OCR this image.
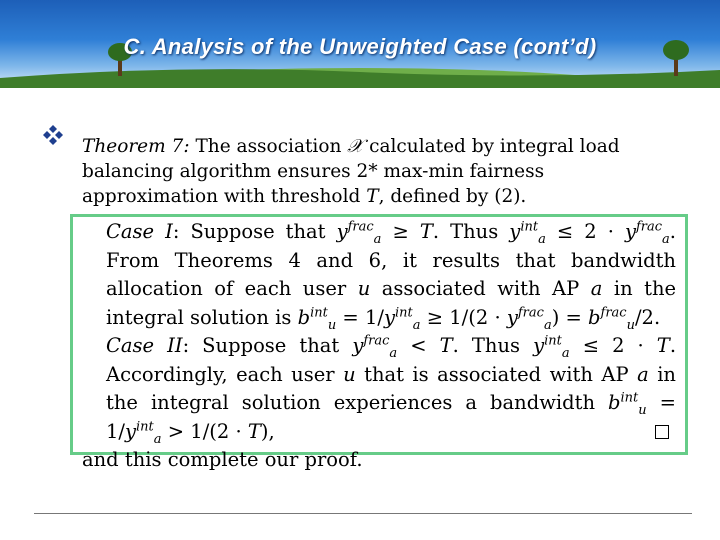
C. Analysis of the Unweighted Case (cont’d)
Theorem 7: The association 𝒳 calculated by integral load balancing algorithm ensures 2* max-min fairness approximation with threshold T, defined by (2).

Case I: Suppose that $y^{frac}_a \ge T$. Thus $y^{int}_a \le 2 \cdot y^{frac}_a$. From Theorems 4 and 6, it results that bandwidth allocation of each user u associated with AP a in the integral solution is $b^{int}_u = 1/y^{int}_a \ge 1/(2 \cdot y^{frac}_a) = b^{frac}_u/2$.

Case II: Suppose that $y^{frac}_a < T$. Thus $y^{int}_a \le 2 \cdot T$. Accordingly, each user u that is associated with AP a in the integral solution experiences a bandwidth $b^{int}_u = 1/y^{int}_a > 1/(2 \cdot T)$,

and this complete our proof.
